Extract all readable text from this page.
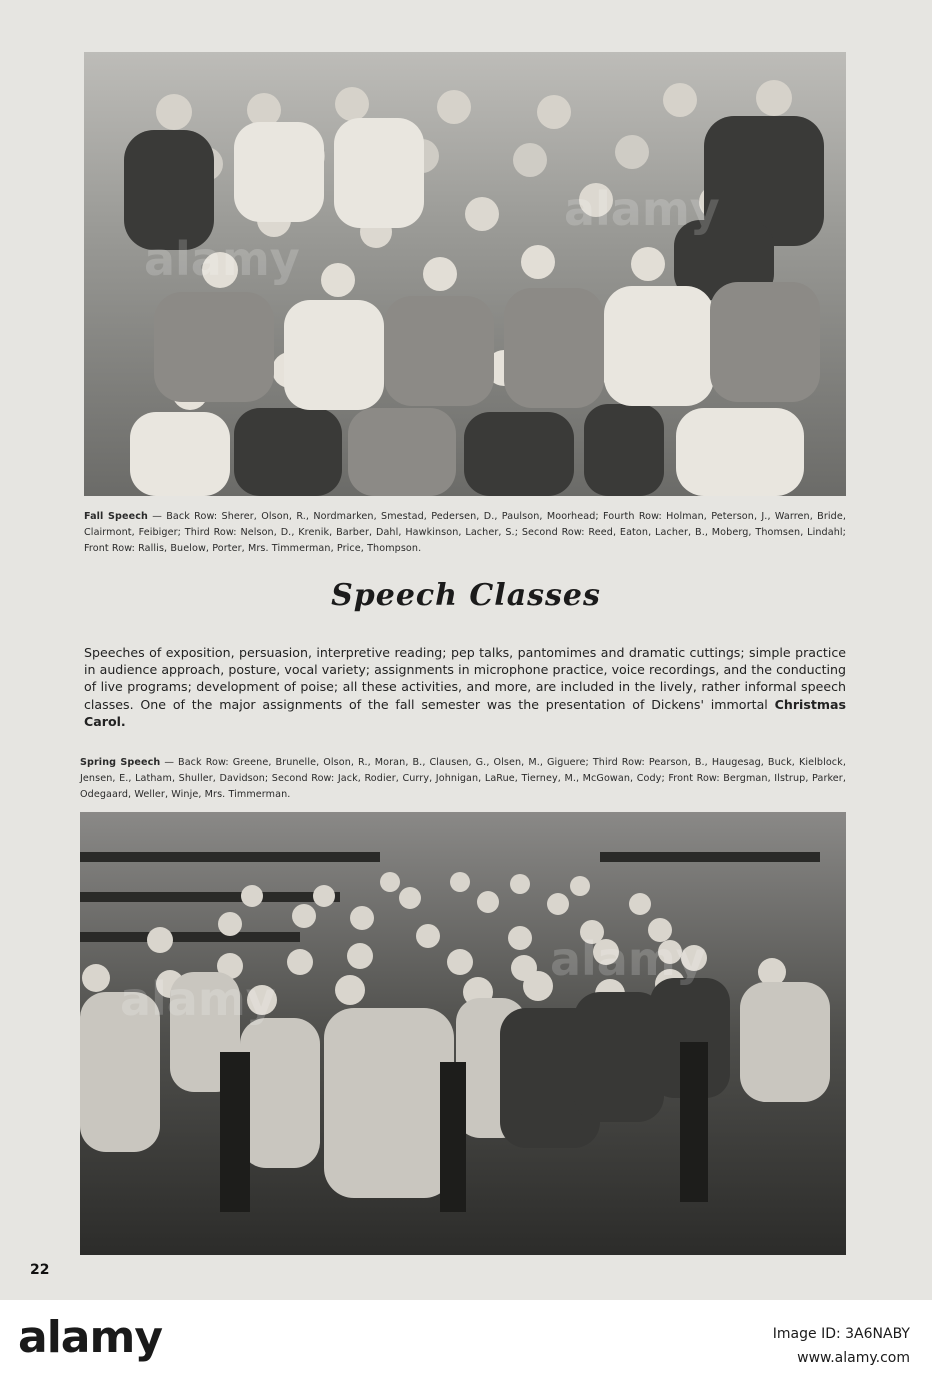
alamy
Fall Speech — Back Row: Sherer, Olson, R., Nordmarken, Smestad, Pedersen, D., Paulson, Moorhead; Fourth Row: Holman, Peterson, J., Warren, Bride, Clairmont, Feibiger; Third Row: Nelson, D., Krenik, Barber, Dahl, Hawkinson, Lacher, S.; Second Row: Reed, Eaton, Lacher, B., Moberg, Thomsen, Lindahl; Front Row: Rallis, Buelow, Porter, Mrs. Timmerman, Price, Thompson.
Speech Classes
Speeches of exposition, persuasion, interpretive reading; pep talks, pantomimes and dramatic cuttings; simple practice in audience approach, posture, vocal variety; assignments in microphone practice, voice recordings, and the conducting of live programs; development of poise; all these activities, and more, are included in the lively, rather informal speech classes. One of the major assignments of the fall semester was the presentation of Dickens' immortal Christmas Carol.
Spring Speech — Back Row: Greene, Brunelle, Olson, R., Moran, B., Clausen, G., Olsen, M., Giguere; Third Row: Pearson, B., Haugesag, Buck, Kielblock, Jensen, E., Latham, Shuller, Davidson; Second Row: Jack, Rodier, Curry, Johnigan, LaRue, Tierney, M., McGowan, Cody; Front Row: Bergman, Ilstrup, Parker, Odegaard, Weller, Winje, Mrs. Timmerman.
alamy
22
alamy	Image ID: 3A6NABY
www.alamy.com
